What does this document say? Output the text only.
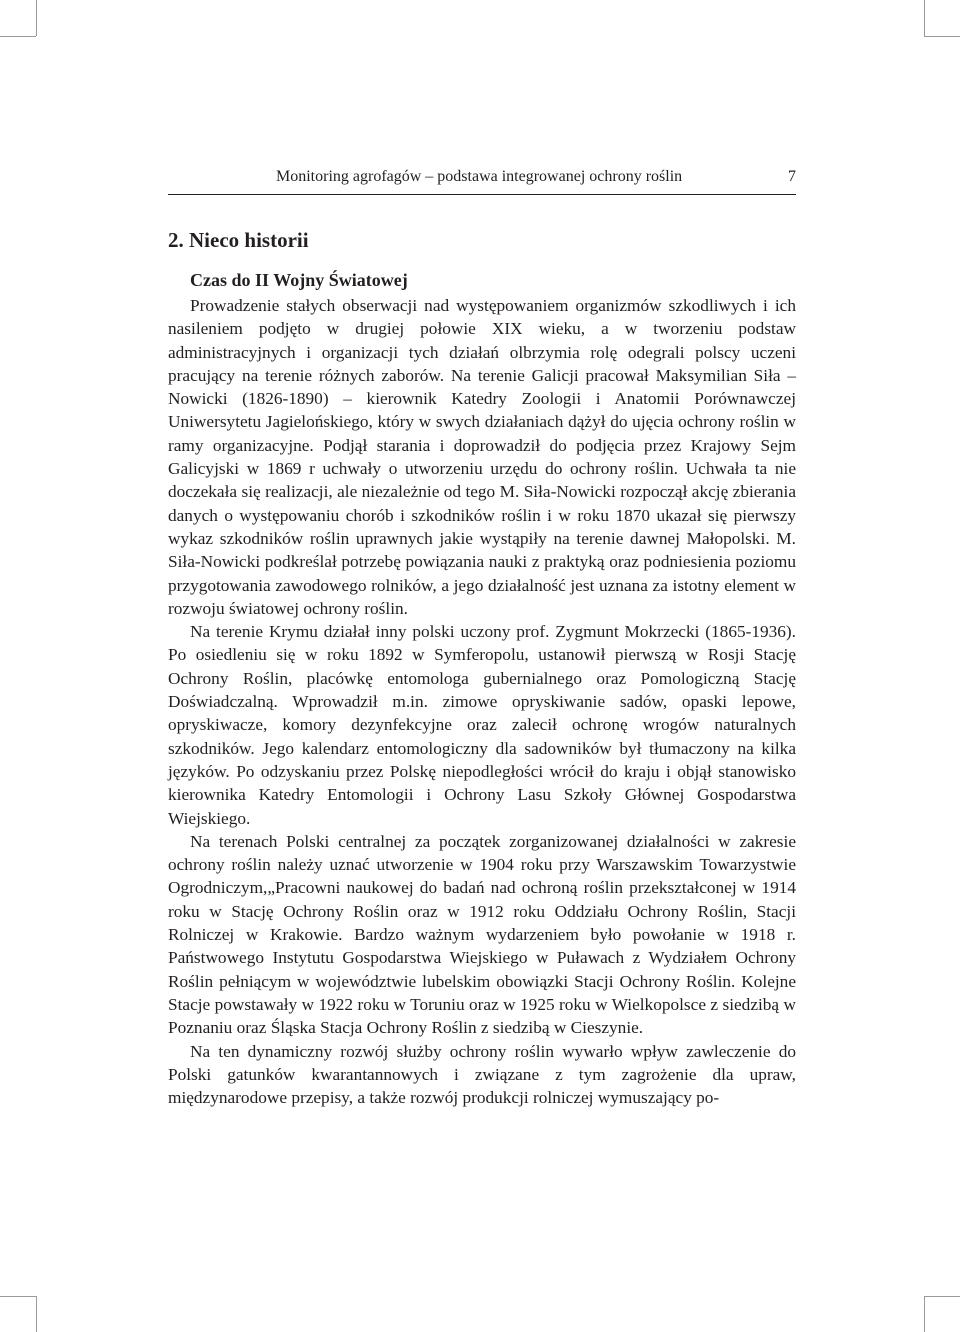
Monitoring agrofagów – podstawa integrowanej ochrony roślin	7
2. Nieco historii
Czas do II Wojny Światowej

Prowadzenie stałych obserwacji nad występowaniem organizmów szkodliwych i ich nasileniem podjęto w drugiej połowie XIX wieku, a w tworzeniu podstaw administracyjnych i organizacji tych działań olbrzymia rolę odegrali polscy uczeni pracujący na terenie różnych zaborów. Na terenie Galicji pracował Maksymilian Siła – Nowicki (1826-1890) – kierownik Katedry Zoologii i Anatomii Porównawczej Uniwersytetu Jagielońskiego, który w swych działaniach dążył do ujęcia ochrony roślin w ramy organizacyjne. Podjął starania i doprowadził do podjęcia przez Krajowy Sejm Galicyjski w 1869 r uchwały o utworzeniu urzędu do ochrony roślin. Uchwała ta nie doczekała się realizacji, ale niezależnie od tego M. Siła-Nowicki rozpoczął akcję zbierania danych o występowaniu chorób i szkodników roślin i w roku 1870 ukazał się pierwszy wykaz szkodników roślin uprawnych jakie wystąpiły na terenie dawnej Małopolski. M. Siła-Nowicki podkreślał potrzebę powiązania nauki z praktyką oraz podniesienia poziomu przygotowania zawodowego rolników, a jego działalność jest uznana za istotny element w rozwoju światowej ochrony roślin.

Na terenie Krymu działał inny polski uczony prof. Zygmunt Mokrzecki (1865-1936). Po osiedleniu się w roku 1892 w Symferopolu, ustanowił pierwszą w Rosji Stację Ochrony Roślin, placówkę entomologa gubernialnego oraz Pomologiczną Stację Doświadczalną. Wprowadził m.in. zimowe opryskiwanie sadów, opaski lepowe, opryskiwacze, komory dezynfekcyjne oraz zalecił ochronę wrogów naturalnych szkodników. Jego kalendarz entomologiczny dla sadowników był tłumaczony na kilka języków. Po odzyskaniu przez Polskę niepodległości wrócił do kraju i objął stanowisko kierownika Katedry Entomologii i Ochrony Lasu Szkoły Głównej Gospodarstwa Wiejskiego.

Na terenach Polski centralnej za początek zorganizowanej działalności w zakresie ochrony roślin należy uznać utworzenie w 1904 roku przy Warszawskim Towarzystwie Ogrodniczym,„Pracowni naukowej do badań nad ochroną roślin przekształconej w 1914 roku w Stację Ochrony Roślin oraz w 1912 roku Oddziału Ochrony Roślin, Stacji Rolniczej w Krakowie. Bardzo ważnym wydarzeniem było powołanie w 1918 r. Państwowego Instytutu Gospodarstwa Wiejskiego w Puławach z Wydziałem Ochrony Roślin pełniącym w województwie lubelskim obowiązki Stacji Ochrony Roślin. Kolejne Stacje powstawały w 1922 roku w Toruniu oraz w 1925 roku w Wielkopolsce z siedzibą w Poznaniu oraz Śląska Stacja Ochrony Roślin z siedzibą w Cieszynie.

Na ten dynamiczny rozwój służby ochrony roślin wywarło wpływ zawleczenie do Polski gatunków kwarantannowych i związane z tym zagrożenie dla upraw, międzynarodowe przepisy, a także rozwój produkcji rolniczej wymuszający po-
